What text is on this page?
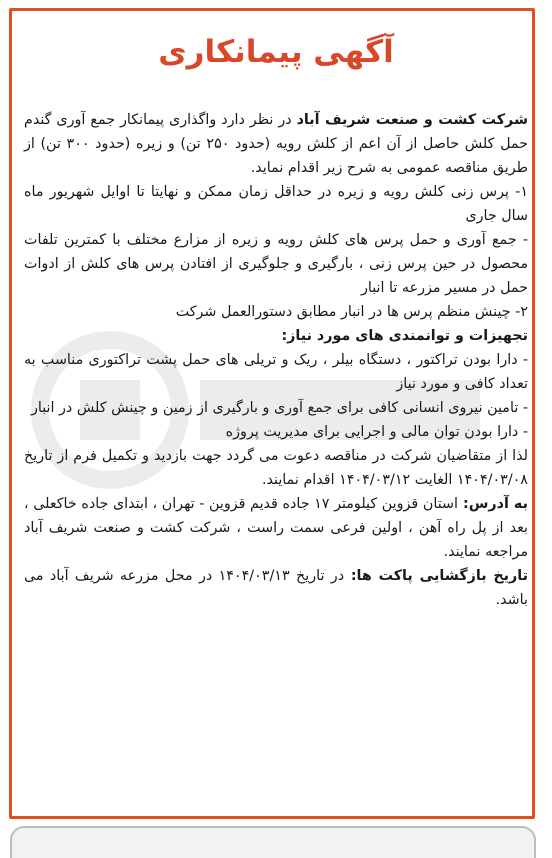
آگهی پیمانکاری

شرکت کشت و صنعت شریف آباد در نظر دارد واگذاری پیمانکار جمع آوری گندم حمل کلش حاصل از آن اعم از کلش رویه (حدود ۲۵۰ تن) و زیره (حدود ۳۰۰ تن) از طریق مناقصه عمومی به شرح زیر اقدام نماید.

۱- پرس زنی کلش رویه و زیره در حداقل زمان ممکن و نهایتا تا اوایل شهریور ماه سال جاری

- جمع آوری و حمل پرس های کلش رویه و زیره از مزارع مختلف با کمترین تلفات محصول در حین پرس زنی ، بارگیری و جلوگیری از افتادن پرس های کلش از ادوات حمل در مسیر مزرعه تا انبار

۲- چینش منظم پرس ها در انبار مطابق دستورالعمل شرکت

تجهیزات و توانمندی های مورد نیاز:

- دارا بودن تراکتور ، دستگاه بیلر ، ریک و تریلی های حمل پشت تراکتوری مناسب به تعداد کافی و مورد نیاز

- تامین نیروی انسانی کافی برای جمع آوری و بارگیری از زمین و چینش کلش در انبار

- دارا بودن توان مالی و اجرایی برای مدیریت پروژه

لذا از متقاضیان شرکت در مناقصه دعوت می گردد جهت بازدید و تکمیل فرم از تاریخ ۱۴۰۴/۰۳/۰۸ الغایت ۱۴۰۴/۰۳/۱۲ اقدام نمایند.

به آدرس: استان قزوین کیلومتر ۱۷ جاده قدیم قزوین - تهران ، ابتدای جاده خاکعلی ، بعد از پل راه آهن ، اولین فرعی سمت راست ، شرکت کشت و صنعت شریف آباد مراجعه نمایند.

تاریخ بازگشایی پاکت ها: در تاریخ ۱۴۰۴/۰۳/۱۳ در محل مزرعه شریف آباد می باشد.
